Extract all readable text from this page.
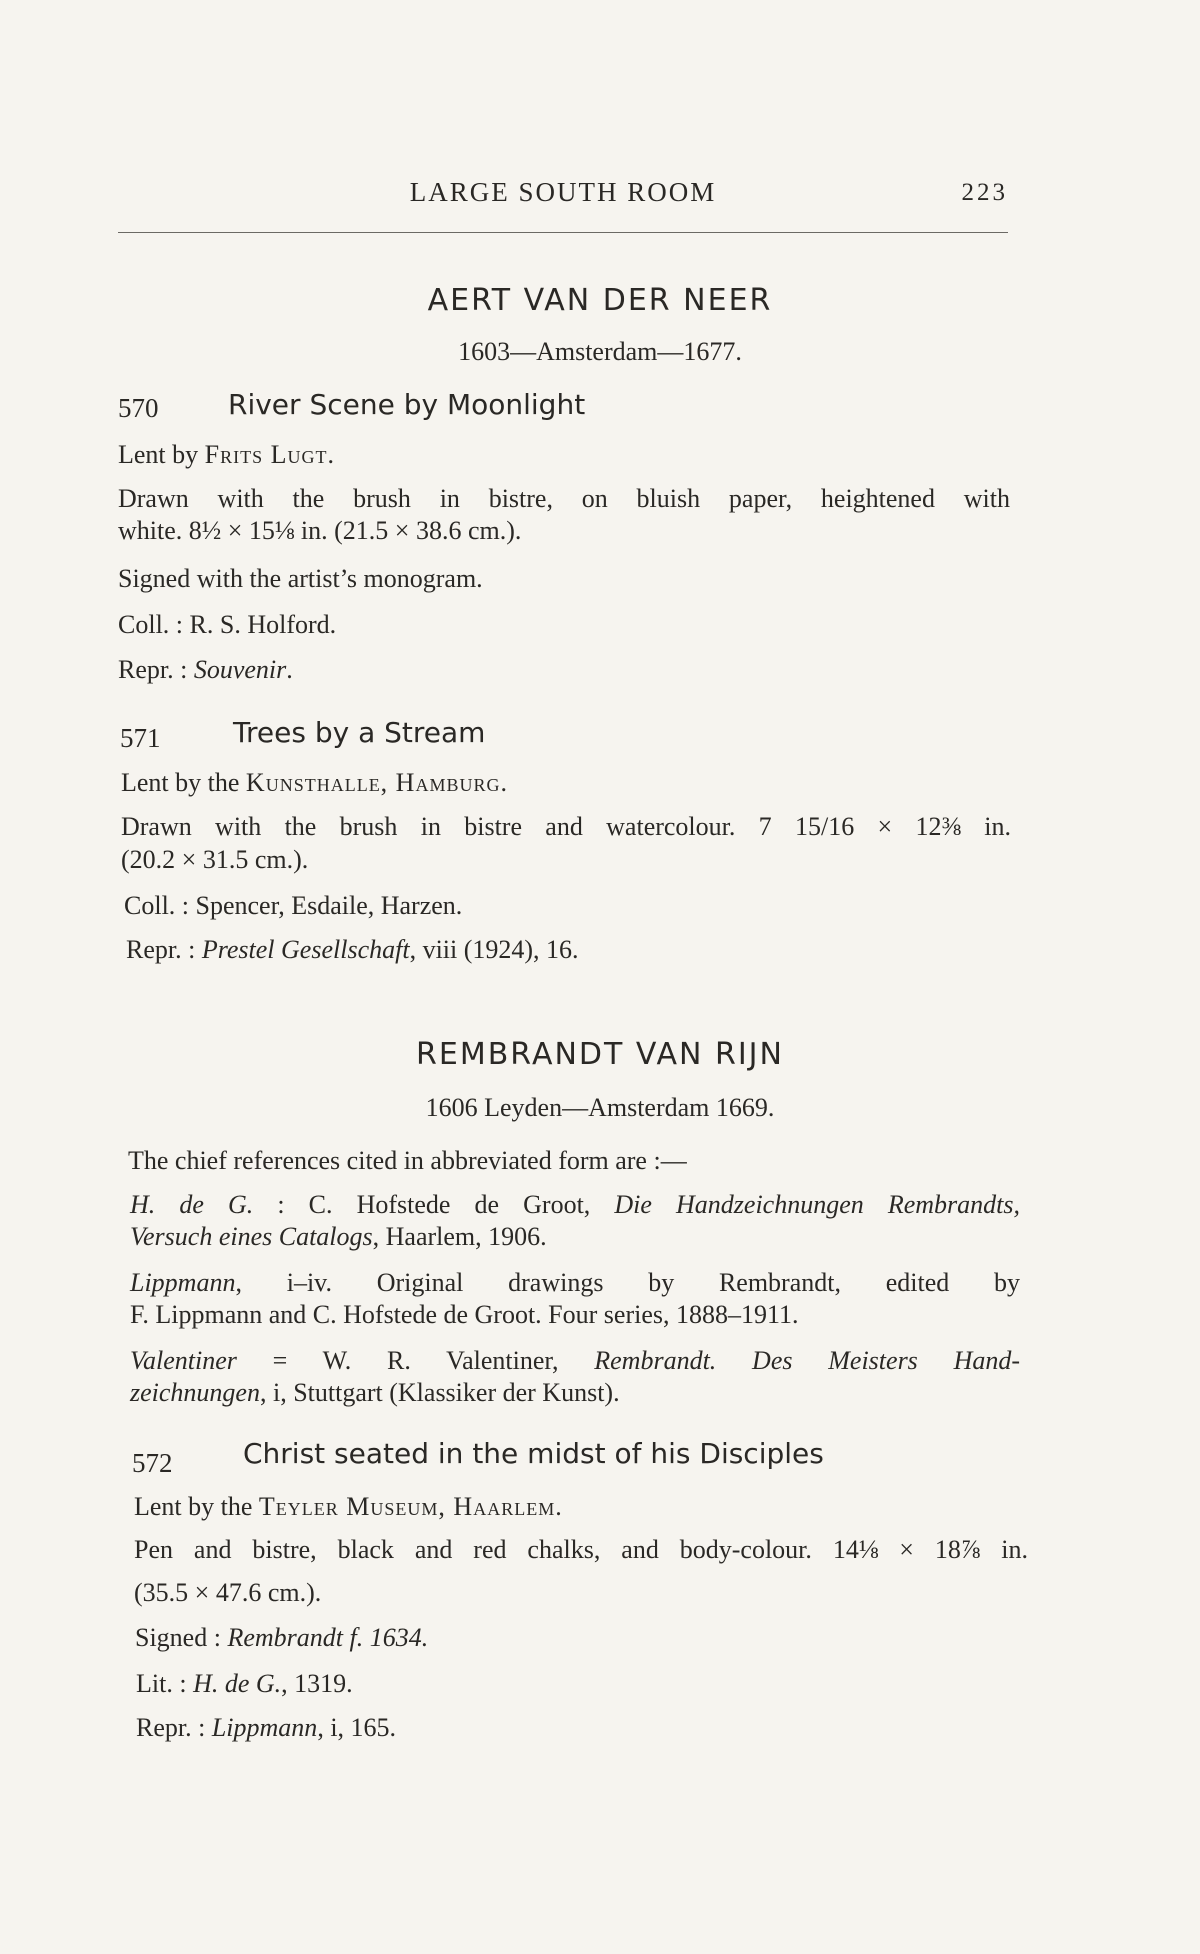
LARGE SOUTH ROOM	223
AERT VAN DER NEER
1603—Amsterdam—1677.
570 River Scene by Moonlight
Lent by Frits Lugt.
Drawn with the brush in bistre, on bluish paper, heightened with
white. 8½ × 15⅛ in. (21.5 × 38.6 cm.).
Signed with the artist’s monogram.
Coll. : R. S. Holford.
Repr. : Souvenir.
571	Trees by a Stream
Lent by the Kunsthalle, Hamburg.
Drawn with the brush in bistre and watercolour. 7 15/16 × 12⅜ in.
(20.2 × 31.5 cm.).
Coll. : Spencer, Esdaile, Harzen.
Repr. : Prestel Gesellschaft, viii (1924), 16.
REMBRANDT VAN RIJN
1606 Leyden—Amsterdam 1669.
The chief references cited in abbreviated form are :—
H. de G. : C. Hofstede de Groot, Die Handzeichnungen Rembrandts,
Versuch eines Catalogs, Haarlem, 1906.
Lippmann, i–iv. Original drawings by Rembrandt, edited by
F. Lippmann and C. Hofstede de Groot. Four series, 1888–1911.
Valentiner = W. R. Valentiner, Rembrandt. Des Meisters Hand-
zeichnungen, i, Stuttgart (Klassiker der Kunst).
572	Christ seated in the midst of his Disciples
Lent by the Teyler Museum, Haarlem.
Pen and bistre, black and red chalks, and body-colour. 14⅛ × 18⅞ in.
(35.5 × 47.6 cm.).
Signed : Rembrandt f. 1634.
Lit. : H. de G., 1319.
Repr. : Lippmann, i, 165.
